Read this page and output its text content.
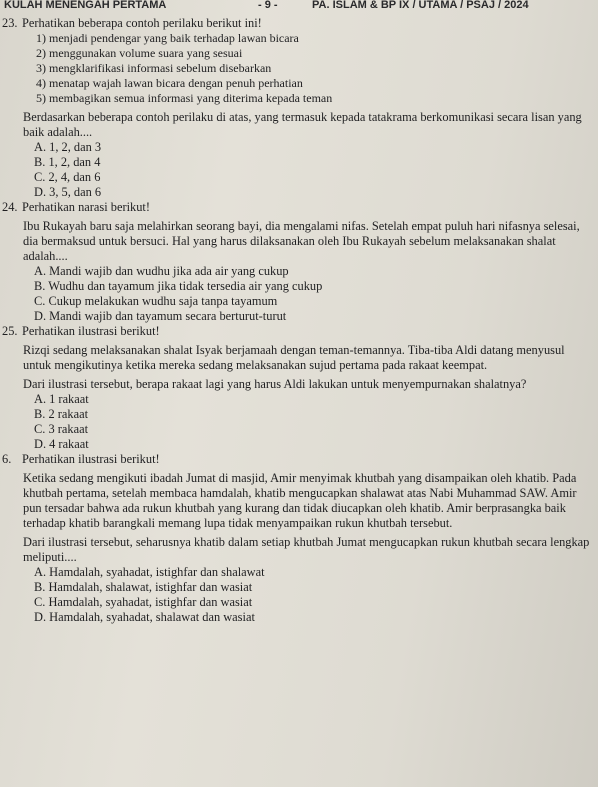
KULAH MENENGAH PERTAMA	- 9 -	PA. ISLAM & BP IX / UTAMA / PSAJ / 2024
23. Perhatikan beberapa contoh perilaku berikut ini!
1) menjadi pendengar yang baik terhadap lawan bicara
2) menggunakan volume suara yang sesuai
3) mengklarifikasi informasi sebelum disebarkan
4) menatap wajah lawan bicara dengan penuh perhatian
5) membagikan semua informasi yang diterima kepada teman
Berdasarkan beberapa contoh perilaku di atas, yang termasuk kepada tatakrama berkomunikasi secara lisan yang baik adalah....
A. 1, 2, dan 3
B. 1, 2, dan 4
C. 2, 4, dan 6
D. 3, 5, dan 6
24. Perhatikan narasi berikut!
Ibu Rukayah baru saja melahirkan seorang bayi, dia mengalami nifas. Setelah empat puluh hari nifasnya selesai, dia bermaksud untuk bersuci. Hal yang harus dilaksanakan oleh Ibu Rukayah sebelum melaksanakan shalat adalah....
A. Mandi wajib dan wudhu jika ada air yang cukup
B. Wudhu dan tayamum jika tidak tersedia air yang cukup
C. Cukup melakukan wudhu saja tanpa tayamum
D. Mandi wajib dan tayamum secara berturut-turut
25. Perhatikan ilustrasi berikut!
Rizqi sedang melaksanakan shalat Isyak berjamaah dengan teman-temannya. Tiba-tiba Aldi datang menyusul untuk mengikutinya ketika mereka sedang melaksanakan sujud pertama pada rakaat keempat.
Dari ilustrasi tersebut, berapa rakaat lagi yang harus Aldi lakukan untuk menyempurnakan shalatnya?
A. 1 rakaat
B. 2 rakaat
C. 3 rakaat
D. 4 rakaat
6. Perhatikan ilustrasi berikut!
Ketika sedang mengikuti ibadah Jumat di masjid, Amir menyimak khutbah yang disampaikan oleh khatib. Pada khutbah pertama, setelah membaca hamdalah, khatib mengucapkan shalawat atas Nabi Muhammad SAW. Amir pun tersadar bahwa ada rukun khutbah yang kurang dan tidak diucapkan oleh khatib. Amir berprasangka baik terhadap khatib barangkali memang lupa tidak menyampaikan rukun khutbah tersebut.
Dari ilustrasi tersebut, seharusnya khatib dalam setiap khutbah Jumat mengucapkan rukun khutbah secara lengkap meliputi....
A. Hamdalah, syahadat, istighfar dan shalawat
B. Hamdalah, shalawat, istighfar dan wasiat
C. Hamdalah, syahadat, istighfar dan wasiat
D. Hamdalah, syahadat, shalawat dan wasiat
